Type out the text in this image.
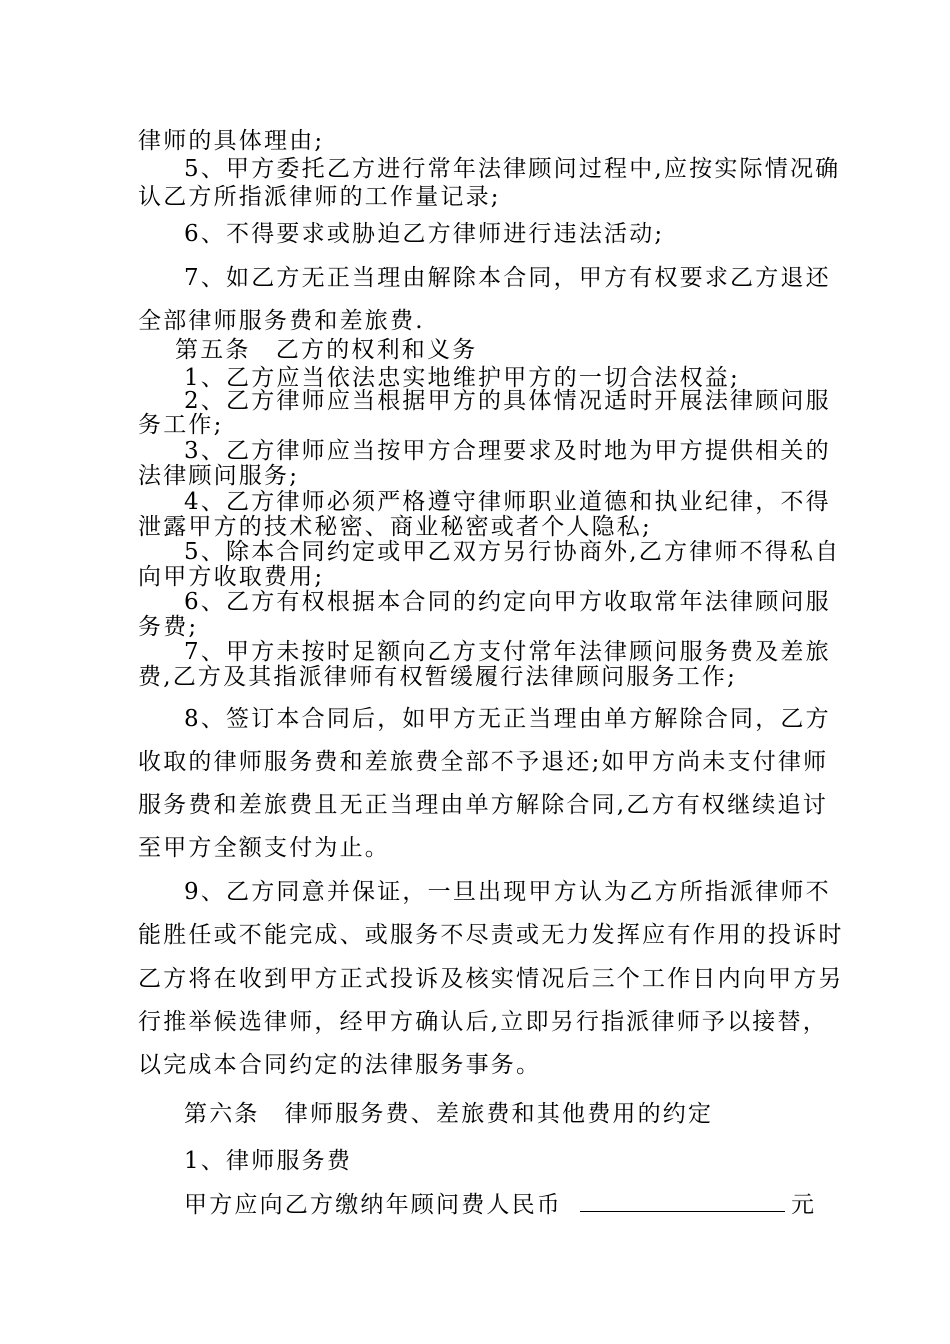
律师的具体理由;
5、甲方委托乙方进行常年法律顾问过程中,应按实际情况确
认乙方所指派律师的工作量记录;
6、不得要求或胁迫乙方律师进行违法活动;
7、如乙方无正当理由解除本合同，甲方有权要求乙方退还
全部律师服务费和差旅费.
第五条　乙方的权利和义务
1、乙方应当依法忠实地维护甲方的一切合法权益;
2、乙方律师应当根据甲方的具体情况适时开展法律顾问服
务工作;
3、乙方律师应当按甲方合理要求及时地为甲方提供相关的
法律顾问服务;
4、乙方律师必须严格遵守律师职业道德和执业纪律，不得
泄露甲方的技术秘密、商业秘密或者个人隐私;
5、除本合同约定或甲乙双方另行协商外,乙方律师不得私自
向甲方收取费用;
6、乙方有权根据本合同的约定向甲方收取常年法律顾问服
务费;
7、甲方未按时足额向乙方支付常年法律顾问服务费及差旅
费,乙方及其指派律师有权暂缓履行法律顾问服务工作;
8、签订本合同后，如甲方无正当理由单方解除合同，乙方
收取的律师服务费和差旅费全部不予退还;如甲方尚未支付律师
服务费和差旅费且无正当理由单方解除合同,乙方有权继续追讨
至甲方全额支付为止。
9、乙方同意并保证，一旦出现甲方认为乙方所指派律师不
能胜任或不能完成、或服务不尽责或无力发挥应有作用的投诉时
乙方将在收到甲方正式投诉及核实情况后三个工作日内向甲方另
行推举候选律师，经甲方确认后,立即另行指派律师予以接替，
以完成本合同约定的法律服务事务。
第六条　律师服务费、差旅费和其他费用的约定
1、律师服务费
甲方应向乙方缴纳年顾问费人民币	元
